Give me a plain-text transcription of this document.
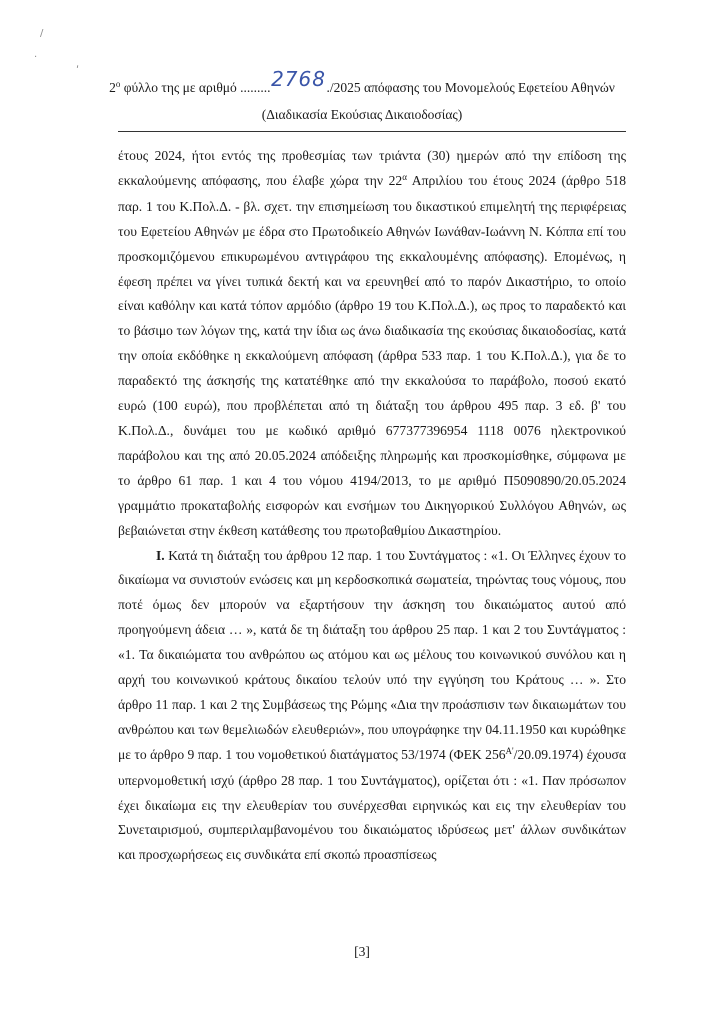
/
·
ʹ
$2^o$ φύλλο της με αριθμό .........2768./2025 απόφασης του Μονομελούς Εφετείου Αθηνών
(Διαδικασία Εκούσιας Δικαιοδοσίας)

έτους 2024, ήτοι εντός της προθεσμίας των τριάντα (30) ημερών από την επίδοση της εκκαλούμενης απόφασης, που έλαβε χώρα την $22^\alpha$ Απριλίου του έτους 2024 (άρθρο 518 παρ. 1 του Κ.Πολ.Δ. - βλ. σχετ. την επισημείωση του δικαστικού επιμελητή της περιφέρειας του Εφετείου Αθηνών με έδρα στο Πρωτοδικείο Αθηνών Ιωνάθαν-Ιωάννη Ν. Κόππα επί του προσκομιζόμενου επικυρωμένου αντιγράφου της εκκαλουμένης απόφασης). Επομένως, η έφεση πρέπει να γίνει τυπικά δεκτή και να ερευνηθεί από το παρόν Δικαστήριο, το οποίο είναι καθόλην και κατά τόπον αρμόδιο (άρθρο 19 του Κ.Πολ.Δ.), ως προς το παραδεκτό και το βάσιμο των λόγων της, κατά την ίδια ως άνω διαδικασία της εκούσιας δικαιοδοσίας, κατά την οποία εκδόθηκε η εκκαλούμενη απόφαση (άρθρα 533 παρ. 1 του Κ.Πολ.Δ.), για δε το παραδεκτό της άσκησής της κατατέθηκε από την εκκαλούσα το παράβολο, ποσού εκατό ευρώ (100 ευρώ), που προβλέπεται από τη διάταξη του άρθρου 495 παρ. 3 εδ. β' του Κ.Πολ.Δ., δυνάμει του με κωδικό αριθμό 677377396954 1118 0076 ηλεκτρονικού παράβολου και της από 20.05.2024 απόδειξης πληρωμής και προσκομίσθηκε, σύμφωνα με το άρθρο 61 παρ. 1 και 4 του νόμου 4194/2013, το με αριθμό Π5090890/20.05.2024 γραμμάτιο προκαταβολής εισφορών και ενσήμων του Δικηγορικού Συλλόγου Αθηνών, ως βεβαιώνεται στην έκθεση κατάθεσης του πρωτοβαθμίου Δικαστηρίου.

I. Κατά τη διάταξη του άρθρου 12 παρ. 1 του Συντάγματος : «1. Οι Έλληνες έχουν το δικαίωμα να συνιστούν ενώσεις και μη κερδοσκοπικά σωματεία, τηρώντας τους νόμους, που ποτέ όμως δεν μπορούν να εξαρτήσουν την άσκηση του δικαιώματος αυτού από προηγούμενη άδεια … », κατά δε τη διάταξη του άρθρου 25 παρ. 1 και 2 του Συντάγματος : «1. Τα δικαιώματα του ανθρώπου ως ατόμου και ως μέλους του κοινωνικού συνόλου και η αρχή του κοινωνικού κράτους δικαίου τελούν υπό την εγγύηση του Κράτους … ». Στο άρθρο 11 παρ. 1 και 2 της Συμβάσεως της Ρώμης «Δια την προάσπισιν των δικαιωμάτων του ανθρώπου και των θεμελιωδών ελευθεριών», που υπογράφηκε την 04.11.1950 και κυρώθηκε με το άρθρο 9 παρ. 1 του νομοθετικού διατάγματος 53/1974 (ΦΕΚ $256^{A'}/20.09.1974$) έχουσα υπερνομοθετική ισχύ (άρθρο 28 παρ. 1 του Συντάγματος), ορίζεται ότι : «1. Παν πρόσωπον έχει δικαίωμα εις την ελευθερίαν του συνέρχεσθαι ειρηνικώς και εις την ελευθερίαν του Συνεταιρισμού, συμπεριλαμβανομένου του δικαιώματος ιδρύσεως μετ' άλλων συνδικάτων και προσχωρήσεως εις συνδικάτα επί σκοπώ προασπίσεως

[3]
